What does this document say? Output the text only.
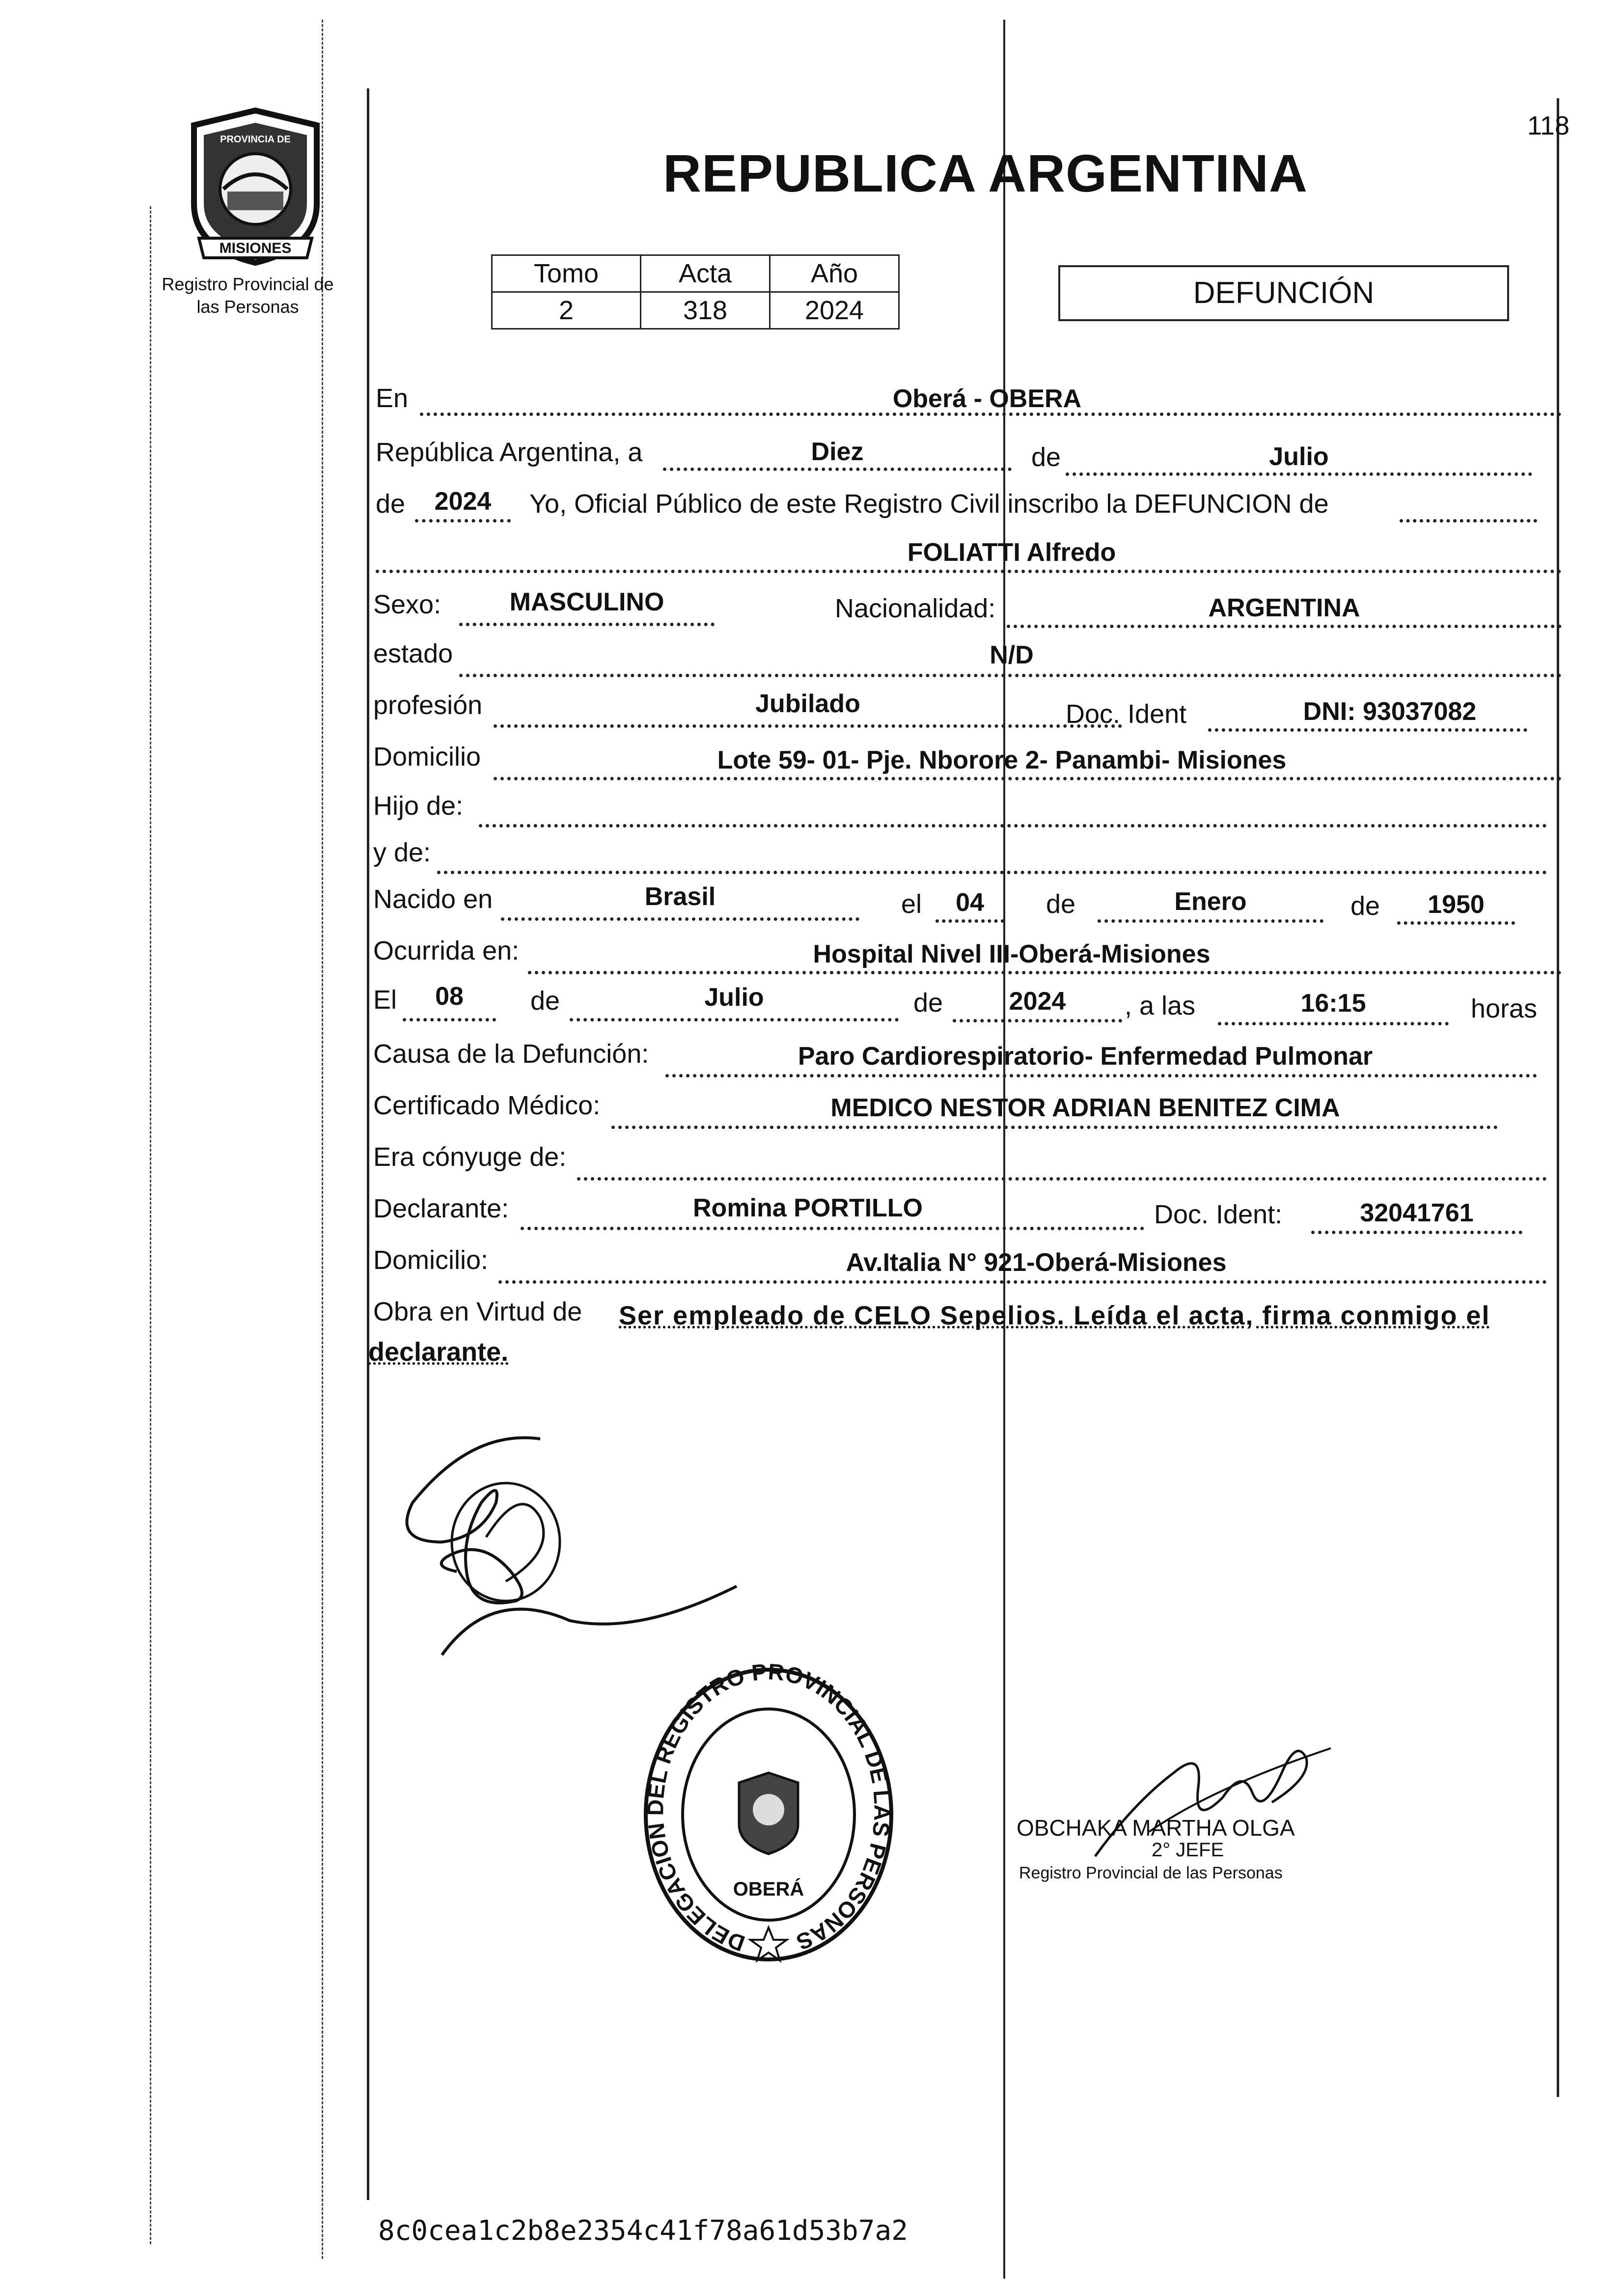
118
MISIONES
PROVINCIA DE
Registro Provincial de las Personas
REPUBLICA ARGENTINA
Tomo	Acta	Año
2	318	2024
DEFUNCIÓN
En	Oberá - OBERA
República Argentina, a	Diez	de	Julio
de	2024	Yo, Oficial Público de este Registro Civil inscribo la DEFUNCION de
FOLIATTI Alfredo
Sexo:	MASCULINO	Nacionalidad:	ARGENTINA
estado	N/D
profesión	Jubilado	Doc. Ident	DNI: 93037082
Domicilio	Lote 59- 01- Pje. Nborore 2- Panambi- Misiones
Hijo de:
y de:
Nacido en	Brasil	el	04	de	Enero	de	1950
Ocurrida en:	Hospital Nivel III-Oberá-Misiones
El	08	de	Julio	de	2024	, a las	16:15	horas
Causa de la Defunción:	Paro Cardiorespiratorio- Enfermedad Pulmonar
Certificado Médico:	MEDICO NESTOR ADRIAN BENITEZ CIMA
Era cónyuge de:
Declarante:	Romina PORTILLO	Doc. Ident:	32041761
Domicilio:	Av.Italia N° 921-Oberá-Misiones
Obra en Virtud de Ser empleado de CELO Sepelios. Leída el acta, firma conmigo el
declarante.
DELEGACION DEL REGISTRO PROVINCIAL DE LAS PERSONAS
OBERÁ
OBCHAKA MARTHA OLGA
2° JEFE
Registro Provincial de las Personas
8c0cea1c2b8e2354c41f78a61d53b7a2
